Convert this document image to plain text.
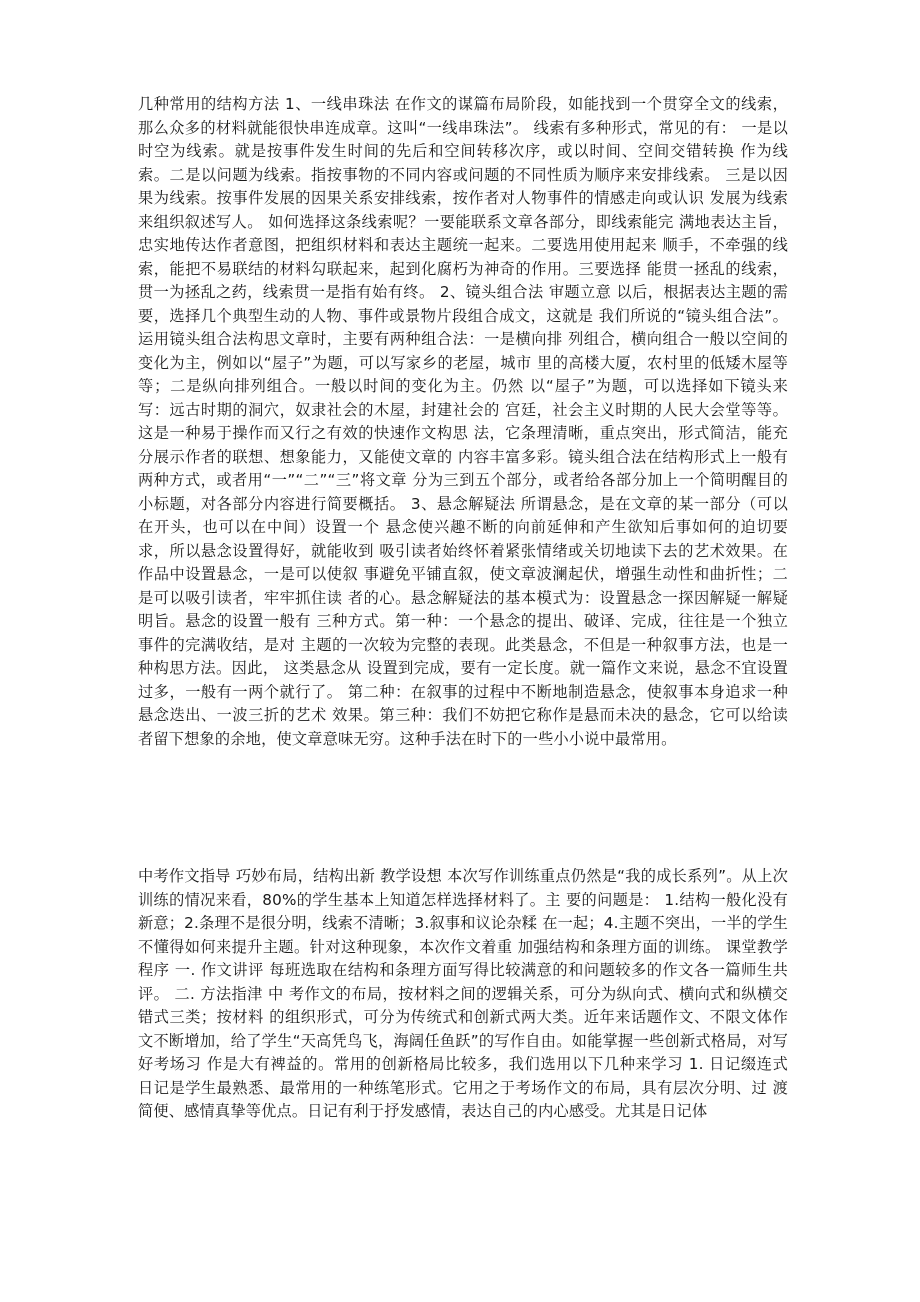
几种常用的结构方法 1、一线串珠法 在作文的谋篇布局阶段，如能找到一个贯穿全文的线索，那么众多的材料就能很快串连成章。这叫“一线串珠法”。 线索有多种形式，常见的有： 一是以时空为线索。就是按事件发生时间的先后和空间转移次序，或以时间、空间交错转换 作为线索。二是以问题为线索。指按事物的不同内容或问题的不同性质为顺序来安排线索。 三是以因果为线索。按事件发展的因果关系安排线索，按作者对人物事件的情感走向或认识 发展为线索来组织叙述写人。 如何选择这条线索呢？一要能联系文章各部分，即线索能完 满地表达主旨，忠实地传达作者意图，把组织材料和表达主题统一起来。二要选用使用起来 顺手，不牵强的线索，能把不易联结的材料勾联起来，起到化腐朽为神奇的作用。三要选择 能贯一拯乱的线索，贯一为拯乱之药，线索贯一是指有始有终。 2、镜头组合法 审题立意 以后，根据表达主题的需要，选择几个典型生动的人物、事件或景物片段组合成文，这就是 我们所说的“镜头组合法”。 运用镜头组合法构思文章时，主要有两种组合法：一是横向排 列组合，横向组合一般以空间的变化为主，例如以“屋子”为题，可以写家乡的老屋，城市 里的高楼大厦，农村里的低矮木屋等等；二是纵向排列组合。一般以时间的变化为主。仍然 以“屋子”为题，可以选择如下镜头来写：远古时期的洞穴，奴隶社会的木屋，封建社会的 宫廷，社会主义时期的人民大会堂等等。 这是一种易于操作而又行之有效的快速作文构思 法，它条理清晰，重点突出，形式简洁，能充分展示作者的联想、想象能力，又能使文章的 内容丰富多彩。镜头组合法在结构形式上一般有两种方式，或者用“一”“二”“三”将文章 分为三到五个部分，或者给各部分加上一个简明醒目的小标题，对各部分内容进行简要概括。 3、悬念解疑法 所谓悬念，是在文章的某一部分（可以在开头，也可以在中间）设置一个 悬念使兴趣不断的向前延伸和产生欲知后事如何的迫切要求，所以悬念设置得好，就能收到 吸引读者始终怀着紧张情绪或关切地读下去的艺术效果。在作品中设置悬念，一是可以使叙 事避免平铺直叙，使文章波澜起伏，增强生动性和曲折性；二是可以吸引读者，牢牢抓住读 者的心。悬念解疑法的基本模式为：设置悬念一探因解疑一解疑明旨。悬念的设置一般有 三种方式。第一种：一个悬念的提出、破译、完成，往往是一个独立事件的完满收结，是对 主题的一次较为完整的表现。此类悬念，不但是一种叙事方法，也是一种构思方法。因此， 这类悬念从 设置到完成，要有一定长度。就一篇作文来说，悬念不宜设置过多，一般有一两个就行了。 第二种：在叙事的过程中不断地制造悬念，使叙事本身追求一种悬念迭出、一波三折的艺术 效果。第三种：我们不妨把它称作是悬而未决的悬念，它可以给读者留下想象的余地，使文章意味无穷。这种手法在时下的一些小小说中最常用。

中考作文指导 巧妙布局，结构出新 教学设想 本次写作训练重点仍然是“我的成长系列”。从上次训练的情况来看，80%的学生基本上知道怎样选择材料了。主 要的问题是： 1.结构一般化没有新意；2.条理不是很分明，线索不清晰；3.叙事和议论杂糅 在一起；4.主题不突出，一半的学生不懂得如何来提升主题。针对这种现象，本次作文着重 加强结构和条理方面的训练。 课堂教学程序 一. 作文讲评 每班选取在结构和条理方面写得比较满意的和问题较多的作文各一篇师生共评。 二. 方法指津 中 考作文的布局，按材料之间的逻辑关系，可分为纵向式、横向式和纵横交错式三类；按材料 的组织形式，可分为传统式和创新式两大类。近年来话题作文、不限文体作文不断增加，给了学生“天高凭鸟飞，海阔任鱼跃”的写作自由。如能掌握一些创新式格局，对写好考场习 作是大有裨益的。常用的创新格局比较多，我们选用以下几种来学习 1. 日记缀连式 日记是学生最熟悉、最常用的一种练笔形式。它用之于考场作文的布局，具有层次分明、过 渡简便、感情真挚等优点。日记有利于抒发感情，表达自己的内心感受。尤其是日记体
